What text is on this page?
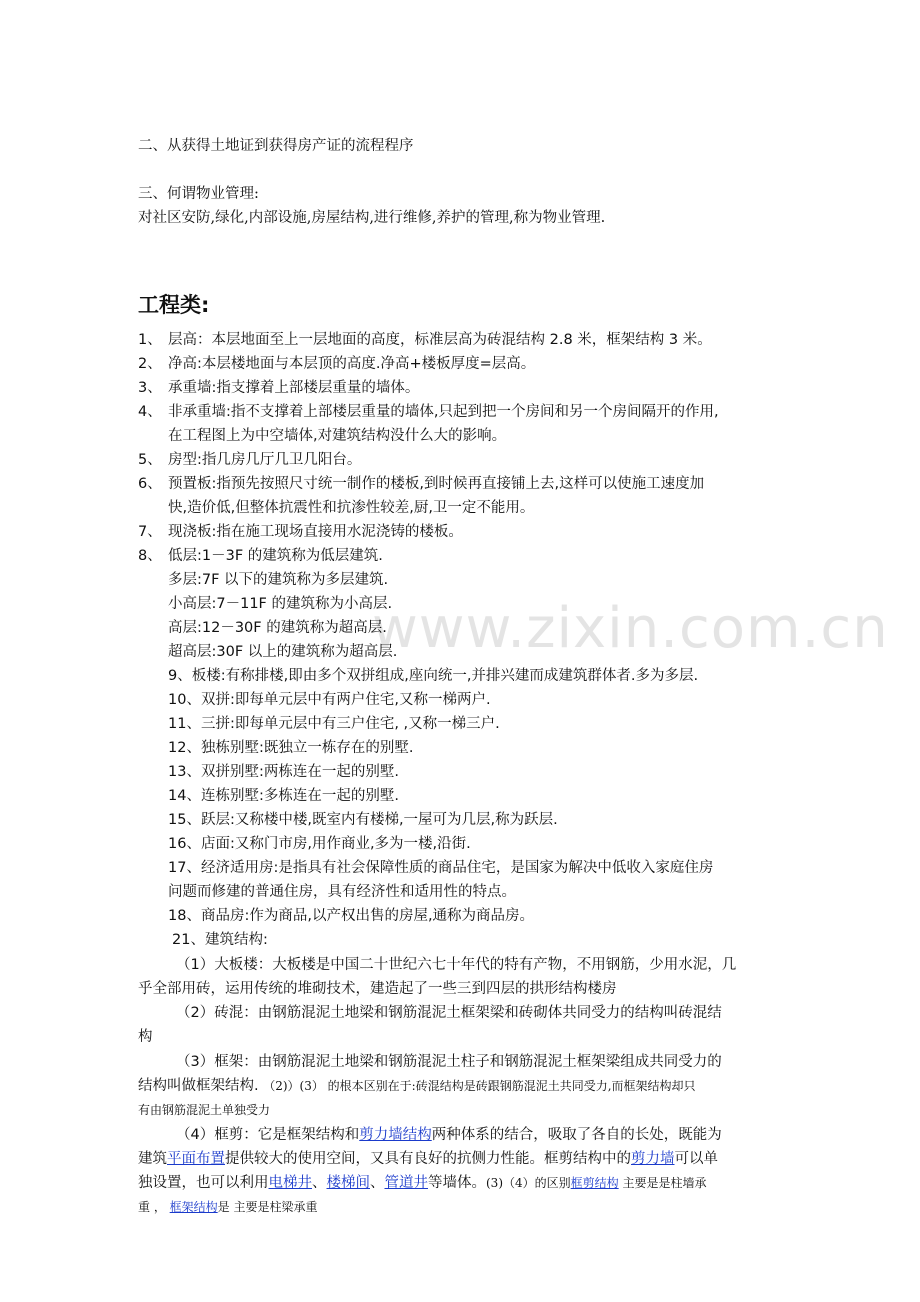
www.zixin.com.cn
二、从获得土地证到获得房产证的流程程序
三、何谓物业管理:
对社区安防,绿化,内部设施,房屋结构,进行维修,养护的管理,称为物业管理.
工程类:
1、 层高：本层地面至上一层地面的高度，标准层高为砖混结构 2.8 米，框架结构 3 米。
2、 净高:本层楼地面与本层顶的高度.净高+楼板厚度=层高。
3、 承重墙:指支撑着上部楼层重量的墙体。
4、 非承重墙:指不支撑着上部楼层重量的墙体,只起到把一个房间和另一个房间隔开的作用,
在工程图上为中空墙体,对建筑结构没什么大的影响。
5、 房型:指几房几厅几卫几阳台。
6、 预置板:指预先按照尺寸统一制作的楼板,到时候再直接铺上去,这样可以使施工速度加
快,造价低,但整体抗震性和抗渗性较差,厨,卫一定不能用。
7、 现浇板:指在施工现场直接用水泥浇铸的楼板。
8、 低层:1－3F 的建筑称为低层建筑.
多层:7F 以下的建筑称为多层建筑.
小高层:7－11F 的建筑称为小高层.
高层:12－30F 的建筑称为超高层.
超高层:30F 以上的建筑称为超高层.
9、板楼:有称排楼,即由多个双拼组成,座向统一,并排兴建而成建筑群体者.多为多层.
10、双拼:即每单元层中有两户住宅,又称一梯两户.
11、三拼:即每单元层中有三户住宅, ,又称一梯三户.
12、独栋别墅:既独立一栋存在的别墅.
13、双拼别墅:两栋连在一起的别墅.
14、连栋别墅:多栋连在一起的别墅.
15、跃层:又称楼中楼,既室内有楼梯,一屋可为几层,称为跃层.
16、店面:又称门市房,用作商业,多为一楼,沿街.
17、经济适用房:是指具有社会保障性质的商品住宅，是国家为解决中低收入家庭住房
问题而修建的普通住房，具有经济性和适用性的特点。
18、商品房:作为商品,以产权出售的房屋,通称为商品房。
21、建筑结构:
（1）大板楼：大板楼是中国二十世纪六七十年代的特有产物，不用钢筋，少用水泥，几
乎全部用砖，运用传统的堆砌技术，建造起了一些三到四层的拱形结构楼房
（2）砖混：由钢筋混泥土地梁和钢筋混泥土框架梁和砖砌体共同受力的结构叫砖混结
构
（3）框架：由钢筋混泥土地梁和钢筋混泥土柱子和钢筋混泥土框架梁组成共同受力的
结构叫做框架结构. （2)）(3） 的根本区别在于:砖混结构是砖跟钢筋混泥土共同受力,而框架结构却只
有由钢筋混泥土单独受力
（4）框剪：它是框架结构和剪力墙结构两种体系的结合，吸取了各自的长处，既能为
建筑平面布置提供较大的使用空间，又具有良好的抗侧力性能。框剪结构中的剪力墙可以单
独设置，也可以利用电梯井、楼梯间、管道井等墙体。(3)（4）的区别框剪结构 主要是是柱墙承
重 ， 框架结构是 主要是柱梁承重
